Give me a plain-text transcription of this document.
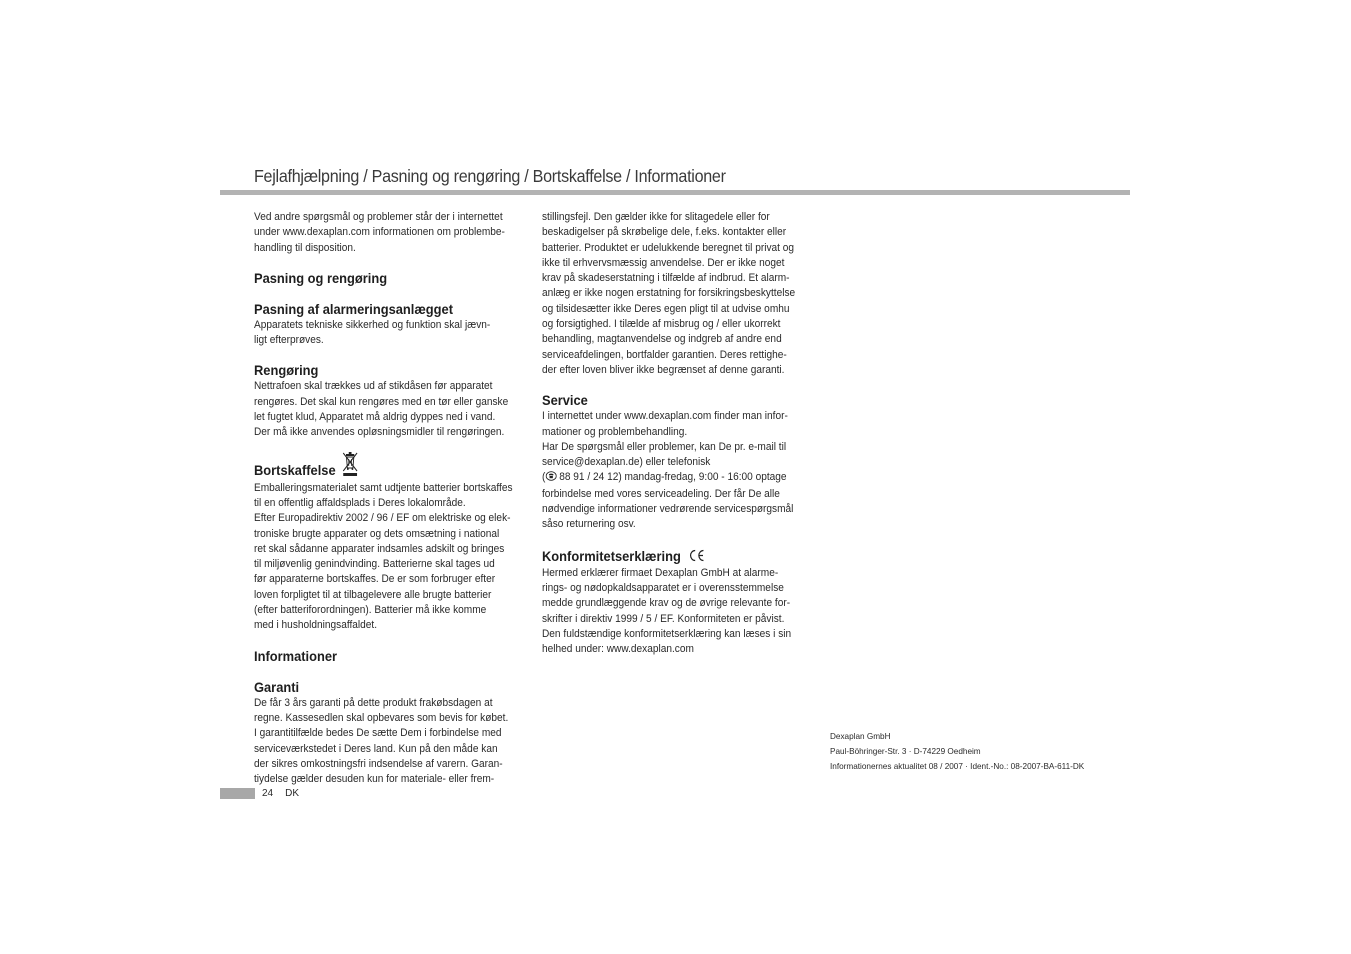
Fejlafhjælpning / Pasning og rengøring / Bortskaffelse / Informationer

Ved andre spørgsmål og problemer står der i internettet

under www.dexaplan.com informationen om problembe-

handling til disposition.

Pasning og rengøring

Pasning af alarmeringsanlægget

Apparatets tekniske sikkerhed og funktion skal jævn-

ligt efterprøves.

Rengøring

Nettrafoen skal trækkes ud af stikdåsen før apparatet

rengøres. Det skal kun rengøres med en tør eller ganske

let fugtet klud, Apparatet må aldrig dyppes ned i vand.

Der må ikke anvendes opløsningsmidler til rengøringen.

Bortskaffelse

Emballeringsmaterialet samt udtjente batterier bortskaffes

til en offentlig affaldsplads i Deres lokalområde.

Efter Europadirektiv 2002 / 96 / EF om elektriske og elek-

troniske brugte apparater og dets omsætning i national

ret skal sådanne apparater indsamles adskilt og bringes

til miljøvenlig genindvinding. Batterierne skal tages ud

før apparaterne bortskaffes. De er som forbruger efter

loven forpligtet til at tilbagelevere alle brugte batterier

(efter batteriforordningen). Batterier må ikke komme

med i husholdningsaffaldet.

Informationer

Garanti

De får 3 års garanti på dette produkt frakøbsdagen at

regne. Kassesedlen skal opbevares som bevis for købet.

I garantitilfælde bedes De sætte Dem i forbindelse med

serviceværkstedet i Deres land. Kun på den måde kan

der sikres omkostningsfri indsendelse af varern. Garan-

tiydelse gælder desuden kun for materiale- eller frem-

stillingsfejl. Den gælder ikke for slitagedele eller for

beskadigelser på skrøbelige dele, f.eks. kontakter eller

batterier. Produktet er udelukkende beregnet til privat og

ikke til erhvervsmæssig anvendelse. Der er ikke noget

krav på skadeserstatning i tilfælde af indbrud. Et alarm-

anlæg er ikke nogen erstatning for forsikringsbeskyttelse

og tilsidesætter ikke Deres egen pligt til at udvise omhu

og forsigtighed. I tilælde af misbrug og / eller ukorrekt

behandling, magtanvendelse og indgreb af andre end

serviceafdelingen, bortfalder garantien. Deres rettighe-

der efter loven bliver ikke begrænset af denne garanti.

Service

I internettet under www.dexaplan.com finder man infor-

mationer og problembehandling.

Har De spørgsmål eller problemer, kan De pr. e-mail til

service@dexaplan.de) eller telefonisk

( 88 91 / 24 12) mandag-fredag, 9:00 - 16:00 optage

forbindelse med vores serviceadeling. Der får De alle

nødvendige informationer vedrørende servicespørgsmål

såso returnering osv.

Konformitetserklæring

Hermed erklærer firmaet Dexaplan GmbH at alarme-

rings- og nødopkaldsapparatet er i overensstemmelse

medde grundlæggende krav og de øvrige relevante for-

skrifter i direktiv 1999 / 5 / EF. Konformiteten er påvist.

Den fuldstændige konformitetserklæring kan læses i sin

helhed under: www.dexaplan.com

Dexaplan GmbH
Paul-Böhringer-Str. 3 · D-74229 Oedheim
Informationernes aktualitet 08 / 2007 · Ident.-No.: 08-2007-BA-611-DK
24 DK
